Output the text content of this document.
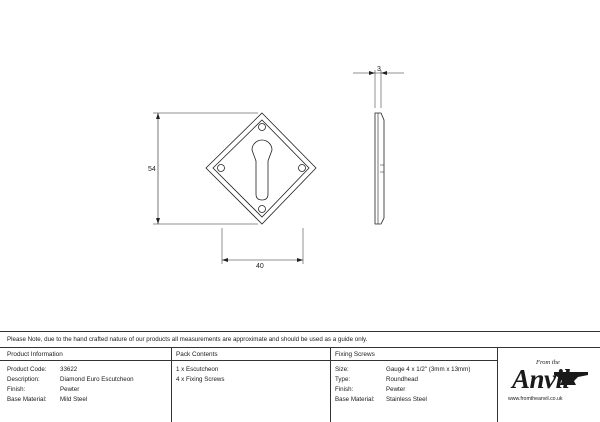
54
40
3
Please Note, due to the hand crafted nature of our products all measurements are approximate and should be used as a guide only.
Product Information
Product Code: 33622
Description:	Diamond Euro Escutcheon
Finish:	Pewter
Base Material: Mild Steel
Pack Contents
1 x Escutcheon
4 x Fixing Screws
Fixing Screws
Size:	Gauge 4 x 1/2" (3mm x 13mm)
Type:	Roundhead
Finish:	Pewter
Base Material: Stainless Steel
From the
Anvil
www.fromtheanvil.co.uk
